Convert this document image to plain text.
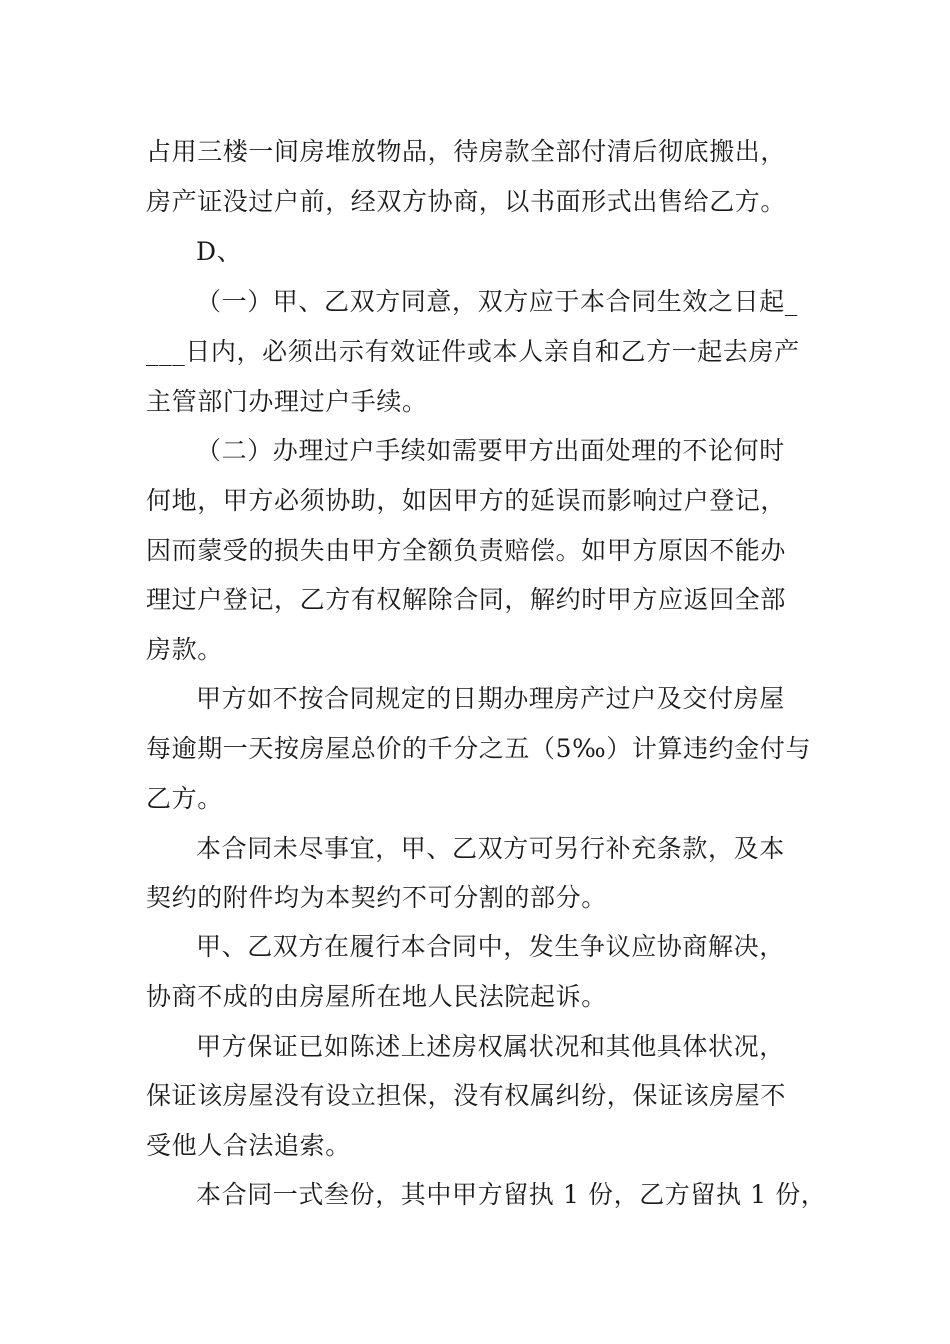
占用三楼一间房堆放物品，待房款全部付清后彻底搬出，
房产证没过户前，经双方协商，以书面形式出售给乙方。
D、
（一）甲、乙双方同意，双方应于本合同生效之日起_
___日内，必须出示有效证件或本人亲自和乙方一起去房产
主管部门办理过户手续。
（二）办理过户手续如需要甲方出面处理的不论何时
何地，甲方必须协助，如因甲方的延误而影响过户登记，
因而蒙受的损失由甲方全额负责赔偿。如甲方原因不能办
理过户登记，乙方有权解除合同，解约时甲方应返回全部
房款。
甲方如不按合同规定的日期办理房产过户及交付房屋
每逾期一天按房屋总价的千分之五（5‰）计算违约金付与
乙方。
本合同未尽事宜，甲、乙双方可另行补充条款，及本
契约的附件均为本契约不可分割的部分。
甲、乙双方在履行本合同中，发生争议应协商解决，
协商不成的由房屋所在地人民法院起诉。
甲方保证已如陈述上述房权属状况和其他具体状况，
保证该房屋没有设立担保，没有权属纠纷，保证该房屋不
受他人合法追索。
本合同一式叁份，其中甲方留执 1 份，乙方留执 1 份，
